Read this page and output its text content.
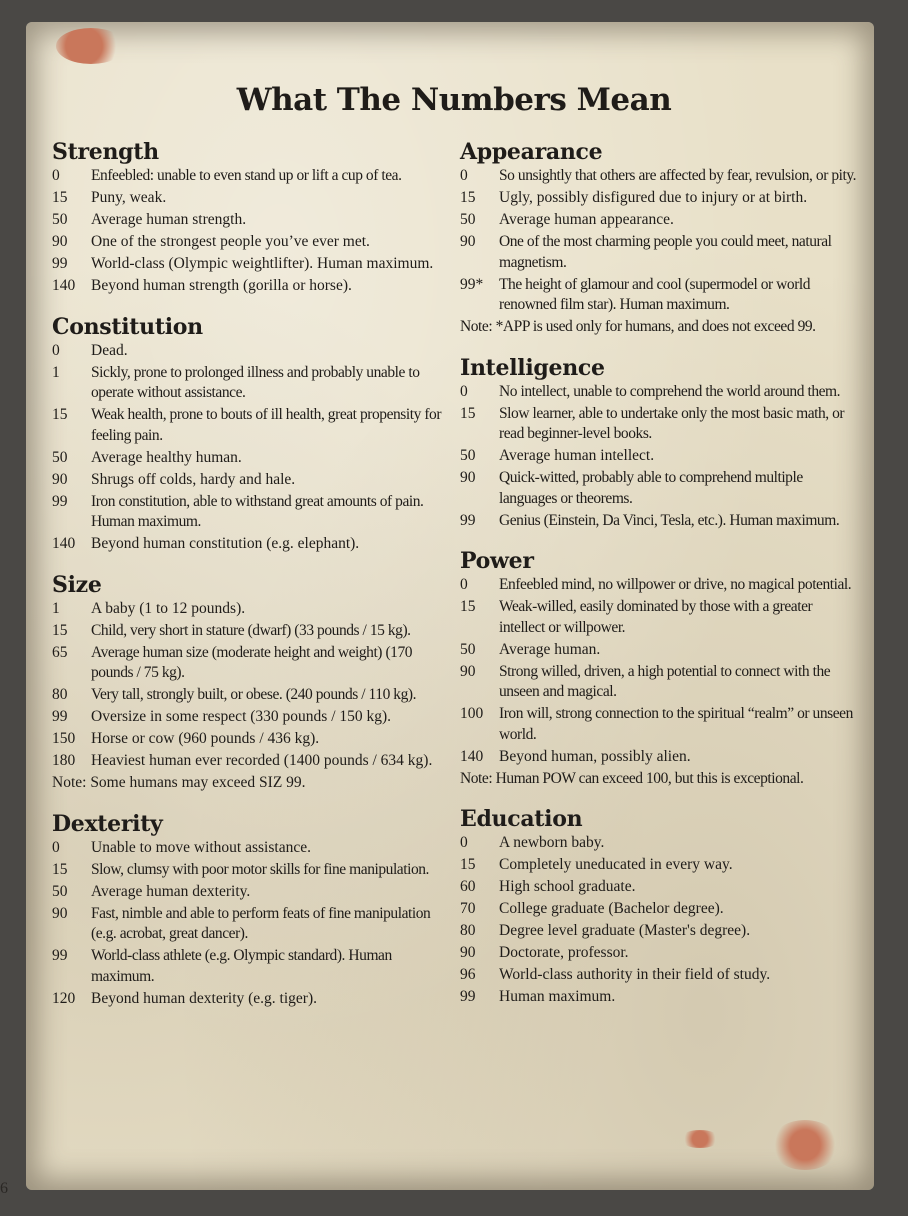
6
What The Numbers Mean
Strength
0	Enfeebled: unable to even stand up or lift a cup of tea.
15	Puny, weak.
50	Average human strength.
90	One of the strongest people you’ve ever met.
99	World-class (Olympic weightlifter). Human maximum.
140	Beyond human strength (gorilla or horse).
Constitution
0	Dead.
1	Sickly, prone to prolonged illness and probably unable to operate without assistance.
15	Weak health, prone to bouts of ill health, great propensity for feeling pain.
50	Average healthy human.
90	Shrugs off colds, hardy and hale.
99	Iron constitution, able to withstand great amounts of pain. Human maximum.
140	Beyond human constitution (e.g. elephant).
Size
1	A baby (1 to 12 pounds).
15	Child, very short in stature (dwarf) (33 pounds / 15 kg).
65	Average human size (moderate height and weight) (170 pounds / 75 kg).
80	Very tall, strongly built, or obese. (240 pounds / 110 kg).
99	Oversize in some respect (330 pounds / 150 kg).
150	Horse or cow (960 pounds / 436 kg).
180	Heaviest human ever recorded (1400 pounds / 634 kg).
Note: Some humans may exceed SIZ 99.
Dexterity
0	Unable to move without assistance.
15	Slow, clumsy with poor motor skills for fine manipulation.
50	Average human dexterity.
90	Fast, nimble and able to perform feats of fine manipulation (e.g. acrobat, great dancer).
99	World-class athlete (e.g. Olympic standard). Human maximum.
120	Beyond human dexterity (e.g. tiger).
Appearance
0	So unsightly that others are affected by fear, revulsion, or pity.
15	Ugly, possibly disfigured due to injury or at birth.
50	Average human appearance.
90	One of the most charming people you could meet, natural magnetism.
99*	The height of glamour and cool (supermodel or world renowned film star). Human maximum.
Note: *APP is used only for humans, and does not exceed 99.
Intelligence
0	No intellect, unable to comprehend the world around them.
15	Slow learner, able to undertake only the most basic math, or read beginner-level books.
50	Average human intellect.
90	Quick-witted, probably able to comprehend multiple languages or theorems.
99	Genius (Einstein, Da Vinci, Tesla, etc.). Human maximum.
Power
0	Enfeebled mind, no willpower or drive, no magical potential.
15	Weak-willed, easily dominated by those with a greater intellect or willpower.
50	Average human.
90	Strong willed, driven, a high potential to connect with the unseen and magical.
100	Iron will, strong connection to the spiritual “realm” or unseen world.
140	Beyond human, possibly alien.
Note: Human POW can exceed 100, but this is exceptional.
Education
0	A newborn baby.
15	Completely uneducated in every way.
60	High school graduate.
70	College graduate (Bachelor degree).
80	Degree level graduate (Master's degree).
90	Doctorate, professor.
96	World-class authority in their field of study.
99	Human maximum.
